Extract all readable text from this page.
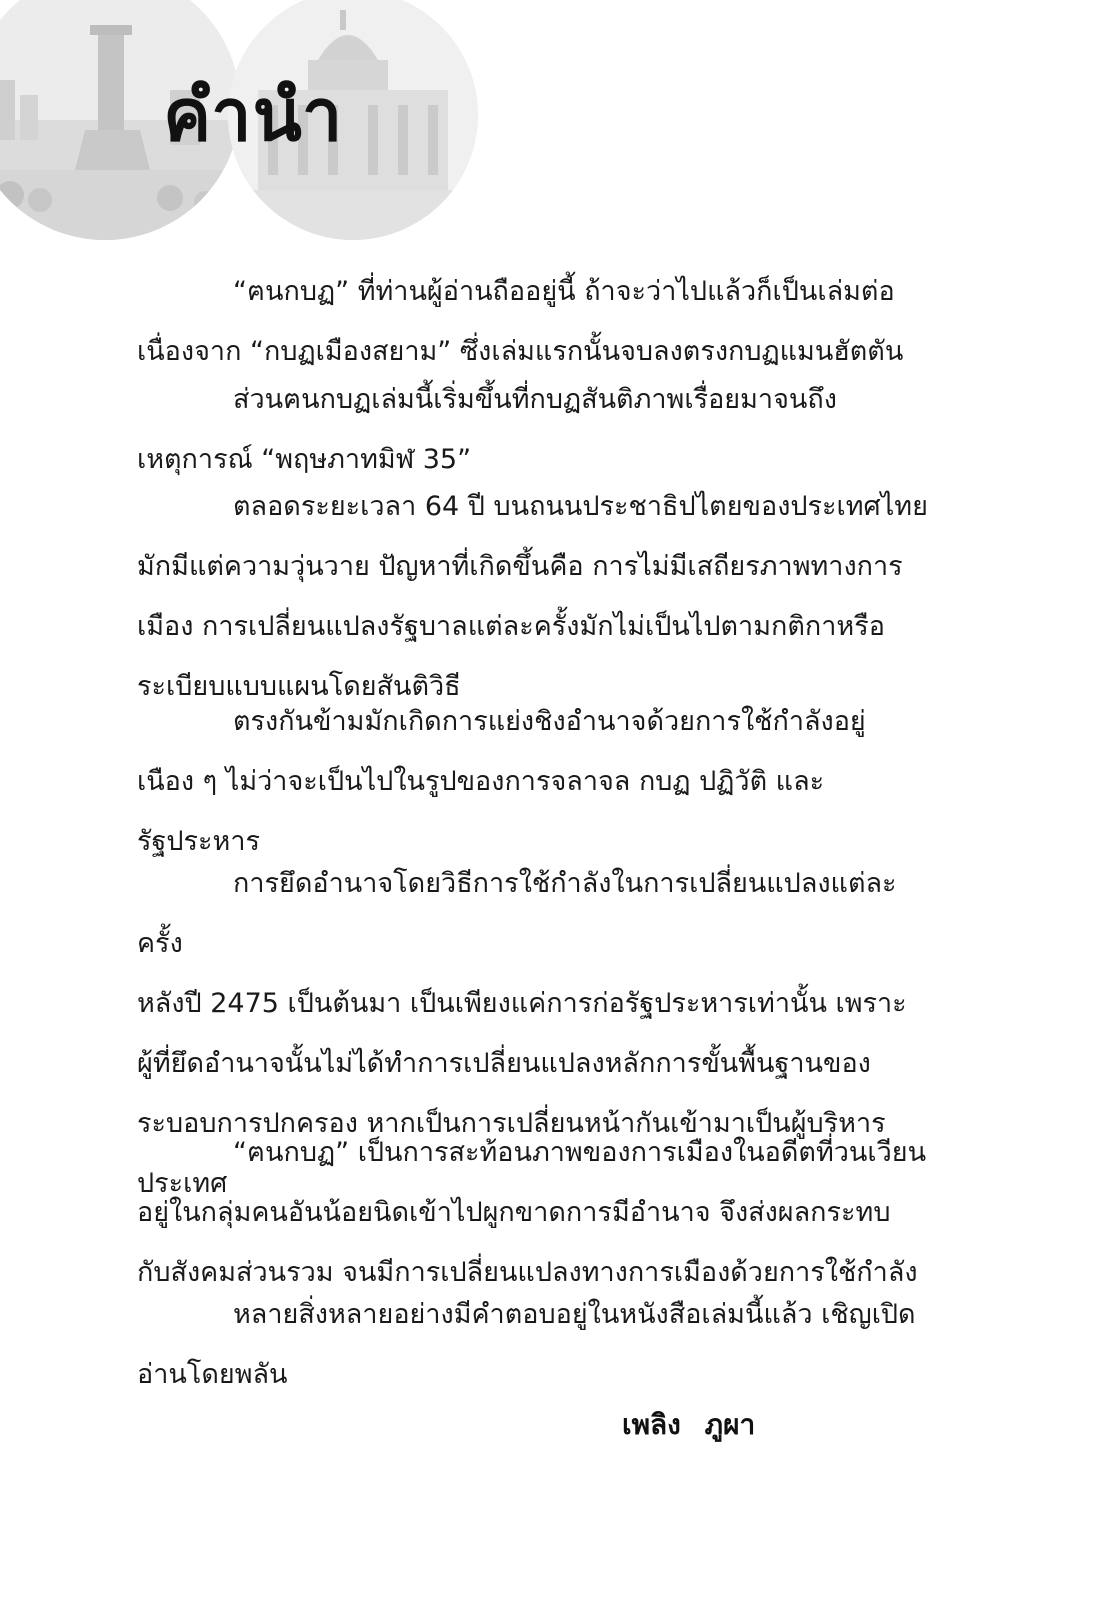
คำนำ

“ฅนกบฏ” ที่ท่านผู้อ่านถืออยู่นี้ ถ้าจะว่าไปแล้วก็เป็นเล่มต่อ

เนื่องจาก “กบฏเมืองสยาม” ซึ่งเล่มแรกนั้นจบลงตรงกบฏแมนฮัตตัน

ส่วนฅนกบฏเล่มนี้เริ่มขึ้นที่กบฏสันติภาพเรื่อยมาจนถึง

เหตุการณ์ “พฤษภาทมิฬ 35”

ตลอดระยะเวลา 64 ปี บนถนนประชาธิปไตยของประเทศไทย

มักมีแต่ความวุ่นวาย ปัญหาที่เกิดขึ้นคือ การไม่มีเสถียรภาพทางการ

เมือง การเปลี่ยนแปลงรัฐบาลแต่ละครั้งมักไม่เป็นไปตามกติกาหรือ

ระเบียบแบบแผนโดยสันติวิธี

ตรงกันข้ามมักเกิดการแย่งชิงอำนาจด้วยการใช้กำลังอยู่

เนือง ๆ ไม่ว่าจะเป็นไปในรูปของการจลาจล กบฏ ปฏิวัติ และ

รัฐประหาร

การยึดอำนาจโดยวิธีการใช้กำลังในการเปลี่ยนแปลงแต่ละครั้ง

หลังปี 2475 เป็นต้นมา เป็นเพียงแค่การก่อรัฐประหารเท่านั้น เพราะ

ผู้ที่ยึดอำนาจนั้นไม่ได้ทำการเปลี่ยนแปลงหลักการขั้นพื้นฐานของ

ระบอบการปกครอง หากเป็นการเปลี่ยนหน้ากันเข้ามาเป็นผู้บริหาร

ประเทศ

“ฅนกบฏ” เป็นการสะท้อนภาพของการเมืองในอดีตที่วนเวียน

อยู่ในกลุ่มคนอันน้อยนิดเข้าไปผูกขาดการมีอำนาจ จึงส่งผลกระทบ

กับสังคมส่วนรวม จนมีการเปลี่ยนแปลงทางการเมืองด้วยการใช้กำลัง

หลายสิ่งหลายอย่างมีคำตอบอยู่ในหนังสือเล่มนี้แล้ว เชิญเปิด

อ่านโดยพลัน

เพลิง ภูผา
